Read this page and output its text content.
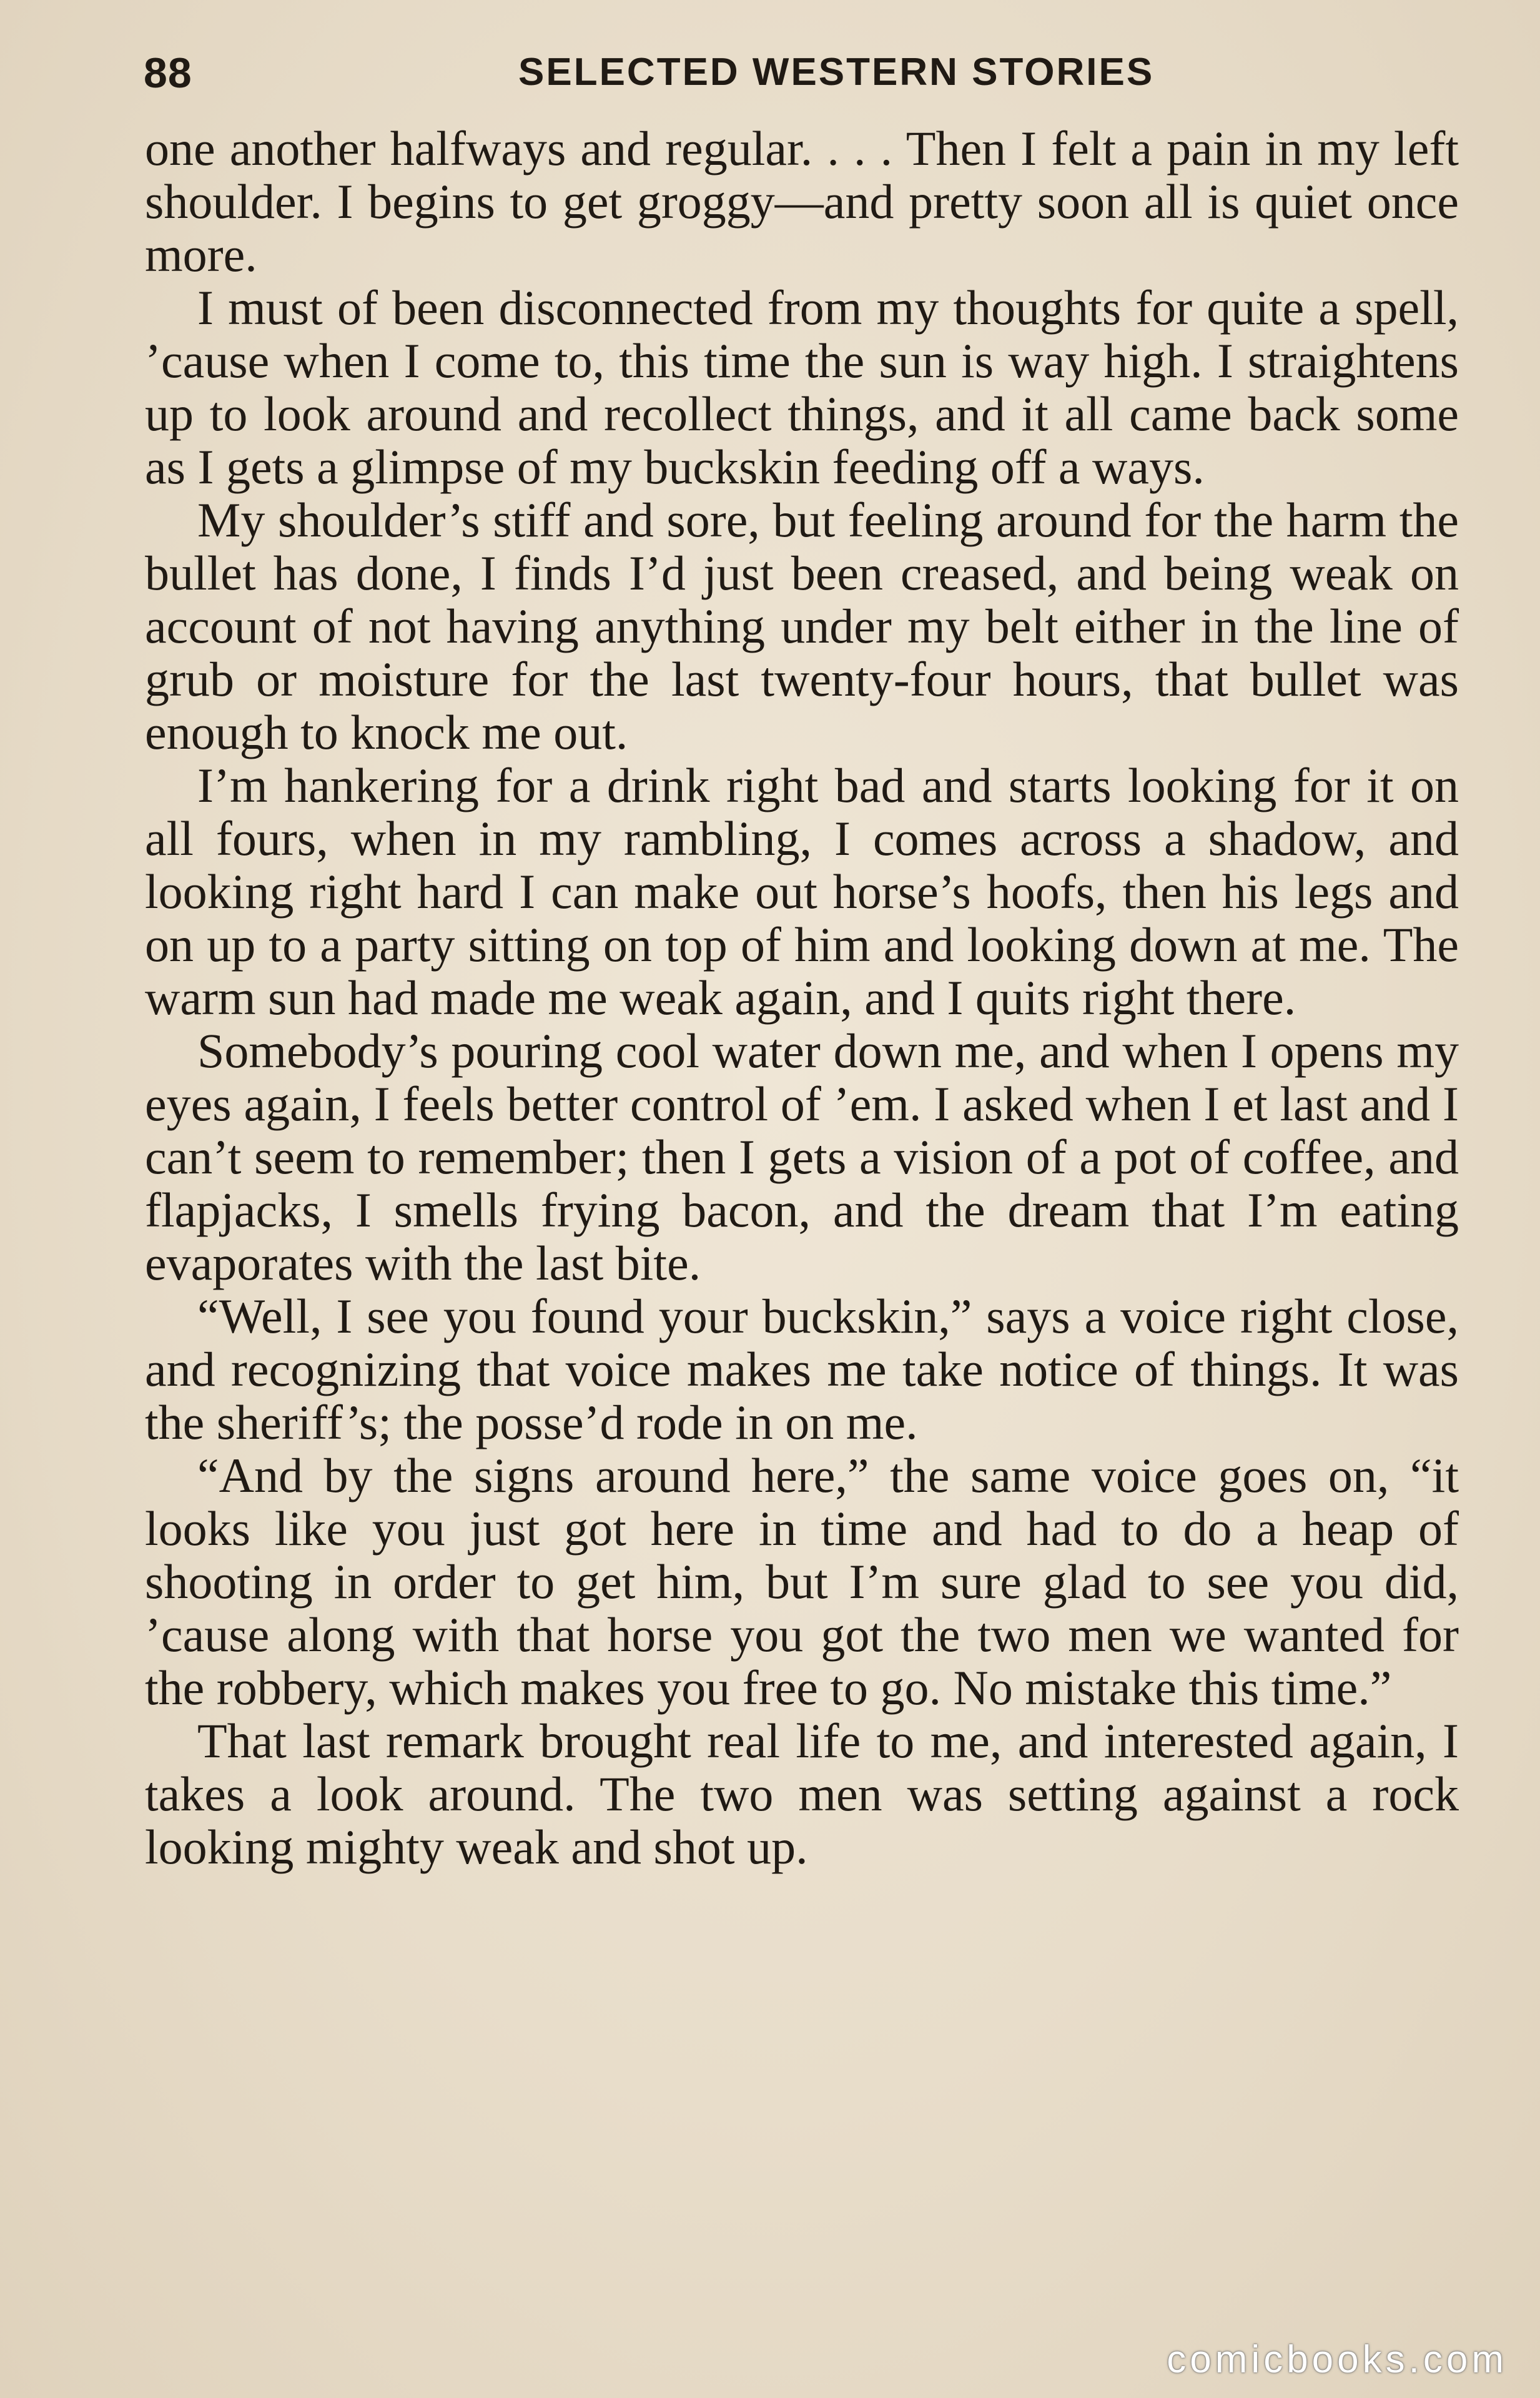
88	SELECTED WESTERN STORIES

one another halfways and regular. . . . Then I felt a pain in my left shoulder. I begins to get groggy—and pretty soon all is quiet once more.

I must of been disconnected from my thoughts for quite a spell, ’cause when I come to, this time the sun is way high. I straightens up to look around and recollect things, and it all came back some as I gets a glimpse of my buckskin feeding off a ways.

My shoulder’s stiff and sore, but feeling around for the harm the bullet has done, I finds I’d just been creased, and being weak on account of not having anything under my belt either in the line of grub or moisture for the last twenty-four hours, that bullet was enough to knock me out.

I’m hankering for a drink right bad and starts looking for it on all fours, when in my rambling, I comes across a shadow, and looking right hard I can make out horse’s hoofs, then his legs and on up to a party sitting on top of him and looking down at me. The warm sun had made me weak again, and I quits right there.

Somebody’s pouring cool water down me, and when I opens my eyes again, I feels better control of ’em. I asked when I et last and I can’t seem to remember; then I gets a vision of a pot of coffee, and flapjacks, I smells frying bacon, and the dream that I’m eating evaporates with the last bite.

“Well, I see you found your buckskin,” says a voice right close, and recognizing that voice makes me take notice of things. It was the sheriff’s; the posse’d rode in on me.

“And by the signs around here,” the same voice goes on, “it looks like you just got here in time and had to do a heap of shooting in order to get him, but I’m sure glad to see you did, ’cause along with that horse you got the two men we wanted for the robbery, which makes you free to go. No mistake this time.”

That last remark brought real life to me, and interested again, I takes a look around. The two men was setting against a rock looking mighty weak and shot up.

comicbooks.com
